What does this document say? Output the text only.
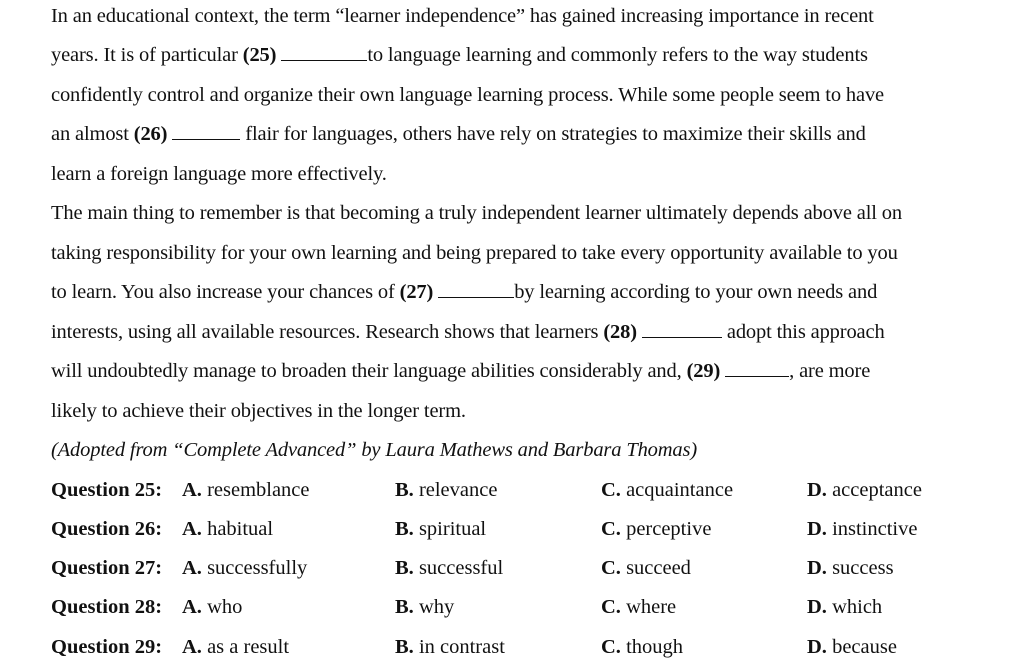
In an educational context, the term “learner independence” has gained increasing importance in recent
years. It is of particular (25)	to language learning and commonly refers to the way students
confidently control and organize their own language learning process. While some people seem to have
an almost (26)	flair for languages, others have rely on strategies to maximize their skills and
learn a foreign language more effectively.
The main thing to remember is that becoming a truly independent learner ultimately depends above all on
taking responsibility for your own learning and being prepared to take every opportunity available to you
to learn. You also increase your chances of (27)	by learning according to your own needs and
interests, using all available resources. Research shows that learners (28)	adopt this approach
will undoubtedly manage to broaden their language abilities considerably and, (29)	, are more
likely to achieve their objectives in the longer term.
(Adopted from “Complete Advanced” by Laura Mathews and Barbara Thomas)
Question 25: A. resemblance	B. relevance	C. acquaintance	D. acceptance
Question 26: A. habitual	B. spiritual	C. perceptive	D. instinctive
Question 27: A. successfully	B. successful	C. succeed	D. success
Question 28: A. who	B. why	C. where	D. which
Question 29: A. as a result	B. in contrast	C. though	D. because
